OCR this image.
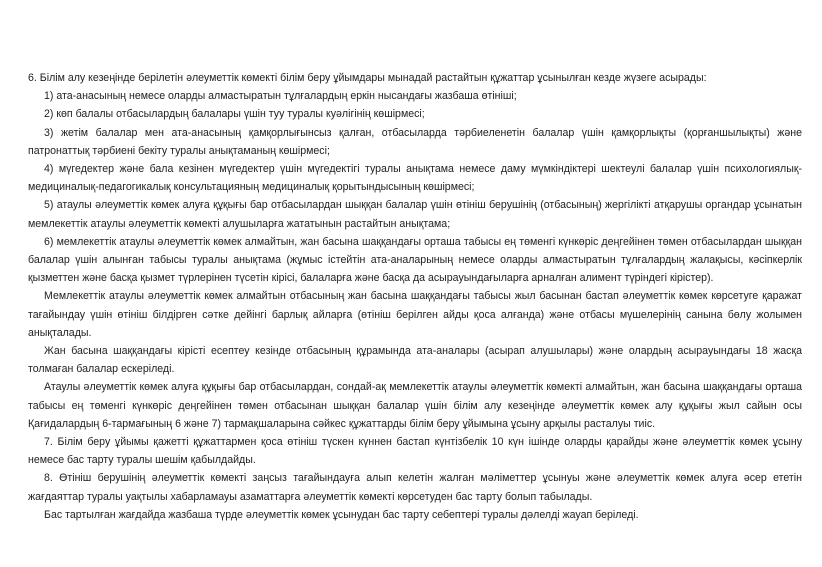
6. Білім алу кезеңінде берілетін әлеуметтік көмекті білім беру ұйымдары мынадай растайтын құжаттар ұсынылған кезде жүзеге асырады:

1) ата-анасының немесе оларды алмастыратын тұлғалардың еркін нысандағы жазбаша өтініші;

2) көп балалы отбасылардың балалары үшін туу туралы куәлігінің көшірмесі;

3) жетім балалар мен ата-анасының қамқорлығынсыз қалған, отбасыларда тәрбиеленетін балалар үшін қамқорлықты (қорғаншылықты) және патронаттық тәрбиені бекіту туралы анықтаманың көшірмесі;

4) мүгедектер және бала кезінен мүгедектер үшін мүгедектігі туралы анықтама немесе даму мүмкіндіктері шектеулі балалар үшін психологиялық-медициналық-педагогикалық консультацияның медициналық қорытындысының көшірмесі;

5) атаулы әлеуметтік көмек алуға құқығы бар отбасылардан шыққан балалар үшін өтініш берушінің (отбасының) жергілікті атқарушы органдар ұсынатын мемлекеттік атаулы әлеуметтік көмекті алушыларға жататынын растайтын анықтама;

6) мемлекеттік атаулы әлеуметтік көмек алмайтын, жан басына шаққандағы орташа табысы ең төменгі күнкөріс деңгейінен төмен отбасылардан шыққан балалар үшін алынған табысы туралы анықтама (жұмыс істейтін ата-аналарының немесе оларды алмастыратын тұлғалардың жалақысы, кәсіпкерлік қызметтен және басқа қызмет түрлерінен түсетін кірісі, балаларға және басқа да асырауындағыларға арналған алимент түріндегі кірістер).

Мемлекеттік атаулы әлеуметтік көмек алмайтын отбасының жан басына шаққандағы табысы жыл басынан бастап әлеуметтік көмек көрсетуге қаражат тағайындау үшін өтініш білдірген сәтке дейінгі барлық айларға (өтініш берілген айды қоса алғанда) және отбасы мүшелерінің санына бөлу жолымен анықталады.

Жан басына шаққандағы кірісті есептеу кезінде отбасының құрамында ата-аналары (асырап алушылары) және олардың асырауындағы 18 жасқа толмаған балалар ескеріледі.

Атаулы әлеуметтік көмек алуға құқығы бар отбасылардан, сондай-ақ мемлекеттік атаулы әлеуметтік көмекті алмайтын, жан басына шаққандағы орташа табысы ең төменгі күнкөріс деңгейінен төмен отбасынан шыққан балалар үшін білім алу кезеңінде әлеуметтік көмек алу құқығы жыл сайын осы Қағидалардың 6-тармағының 6 және 7) тармақшаларына сәйкес құжаттарды білім беру ұйымына ұсыну арқылы расталуы тиіс.

7. Білім беру ұйымы қажетті құжаттармен қоса өтініш түскен күннен бастап күнтізбелік 10 күн ішінде оларды қарайды және әлеуметтік көмек ұсыну немесе бас тарту туралы шешім қабылдайды.

8. Өтініш берушінің әлеуметтік көмекті заңсыз тағайындауға алып келетін жалған мәліметтер ұсынуы және әлеуметтік көмек алуға әсер ететін жағдаяттар туралы уақтылы хабарламауы азаматтарға әлеуметтік көмекті көрсетуден бас тарту болып табылады.

Бас тартылған жағдайда жазбаша түрде әлеуметтік көмек ұсынудан бас тарту себептері туралы дәлелді жауап беріледі.
